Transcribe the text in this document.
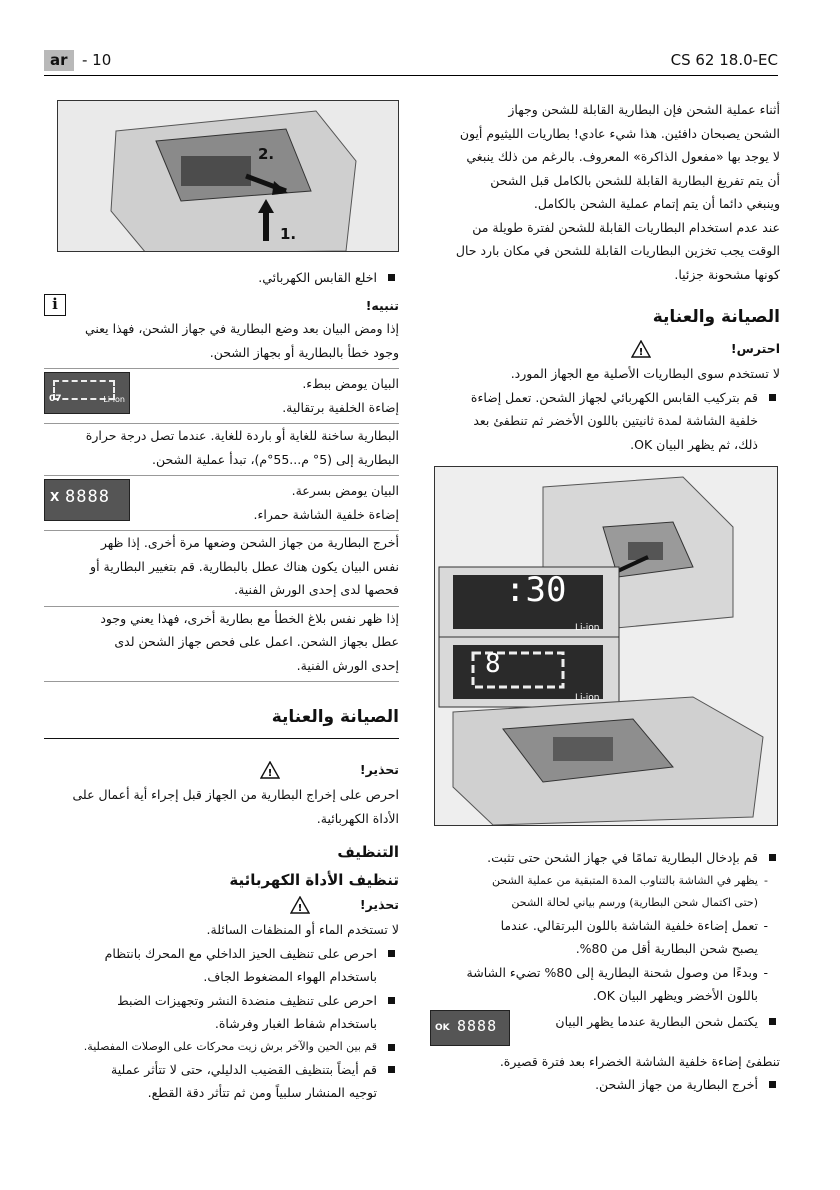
ar - 10	CS 62 18.0-EC

أثناء عملية الشحن فإن البطارية القابلة للشحن وجهاز

الشحن يصبحان دافئين. هذا شيء عادي! بطاريات الليثيوم أيون

لا يوجد بها «مفعول الذاكرة» المعروف. بالرغم من ذلك ينبغي

أن يتم تفريغ البطارية القابلة للشحن بالكامل قبل الشحن

وينبغي دائما أن يتم إتمام عملية الشحن بالكامل.

عند عدم استخدام البطاريات القابلة للشحن لفترة طويلة من

الوقت يجب تخزين البطاريات القابلة للشحن في مكان بارد حال

كونها مشحونة جزئيا.

الصيانة والعناية

احترس!
!

لا تستخدم سوى البطاريات الأصلية مع الجهاز المورد.

قم بتركيب القابس الكهربائي لجهاز الشحن. تعمل إضاءة

خلفية الشاشة لمدة ثانيتين باللون الأخضر ثم تنطفئ بعد

ذلك، ثم يظهر البيان OK.

:30
Li-ion
8
Li-ion

قم بإدخال البطارية تمامًا في جهاز الشحن حتى تثبت.

- يظهر في الشاشة بالتناوب المدة المتبقية من عملية الشحن

(حتى اكتمال شحن البطارية) ورسم بياني لحالة الشحن

- تعمل إضاءة خلفية الشاشة باللون البرتقالي. عندما

يصبح شحن البطارية أقل من 80%.

- وبدءًا من وصول شحنة البطارية إلى 80% تضيء الشاشة

باللون الأخضر ويظهر البيان OK.

يكتمل شحن البطارية عندما يظهر البيان

8888
OK

تنطفئ إضاءة خلفية الشاشة الخضراء بعد فترة قصيرة.

أخرج البطارية من جهاز الشحن.

2.
1.

اخلع القابس الكهربائي.

تنبيه!
i

إذا ومض البيان بعد وضع البطارية في جهاز الشحن، فهذا يعني

وجود خطأ بالبطارية أو بجهاز الشحن.

البيان يومض ببطء.

إضاءة الخلفية برتقالية.

07	Li-ion

البطارية ساخنة للغاية أو باردة للغاية. عندما تصل درجة حرارة

البطارية إلى (5° م...55°م)، تبدأ عملية الشحن.

البيان يومض بسرعة.

إضاءة خلفية الشاشة حمراء.

X 8888

أخرج البطارية من جهاز الشحن وضعها مرة أخرى. إذا ظهر

نفس البيان يكون هناك عطل بالبطارية. قم بتغيير البطارية أو

فحصها لدى إحدى الورش الفنية.

إذا ظهر نفس بلاغ الخطأ مع بطارية أخرى، فهذا يعني وجود

عطل بجهاز الشحن. اعمل على فحص جهاز الشحن لدى

إحدى الورش الفنية.

الصيانة والعناية

تحذير!
!

احرص على إخراج البطارية من الجهاز قبل إجراء أية أعمال على

الأداة الكهربائية.

التنظيف

تنظيف الأداة الكهربائية

تحذير!
!

لا تستخدم الماء أو المنظفات السائلة.

احرص على تنظيف الحيز الداخلي مع المحرك بانتظام

باستخدام الهواء المضغوط الجاف.

احرص على تنظيف منضدة النشر وتجهيزات الضبط

باستخدام شفاط الغبار وفرشاة.

قم بين الحين والآخر برش زيت محركات على الوصلات المفصلية.

قم أيضاً بتنظيف القضيب الدليلي، حتى لا تتأثر عملية

توجيه المنشار سلبياً ومن ثم تتأثر دقة القطع.
